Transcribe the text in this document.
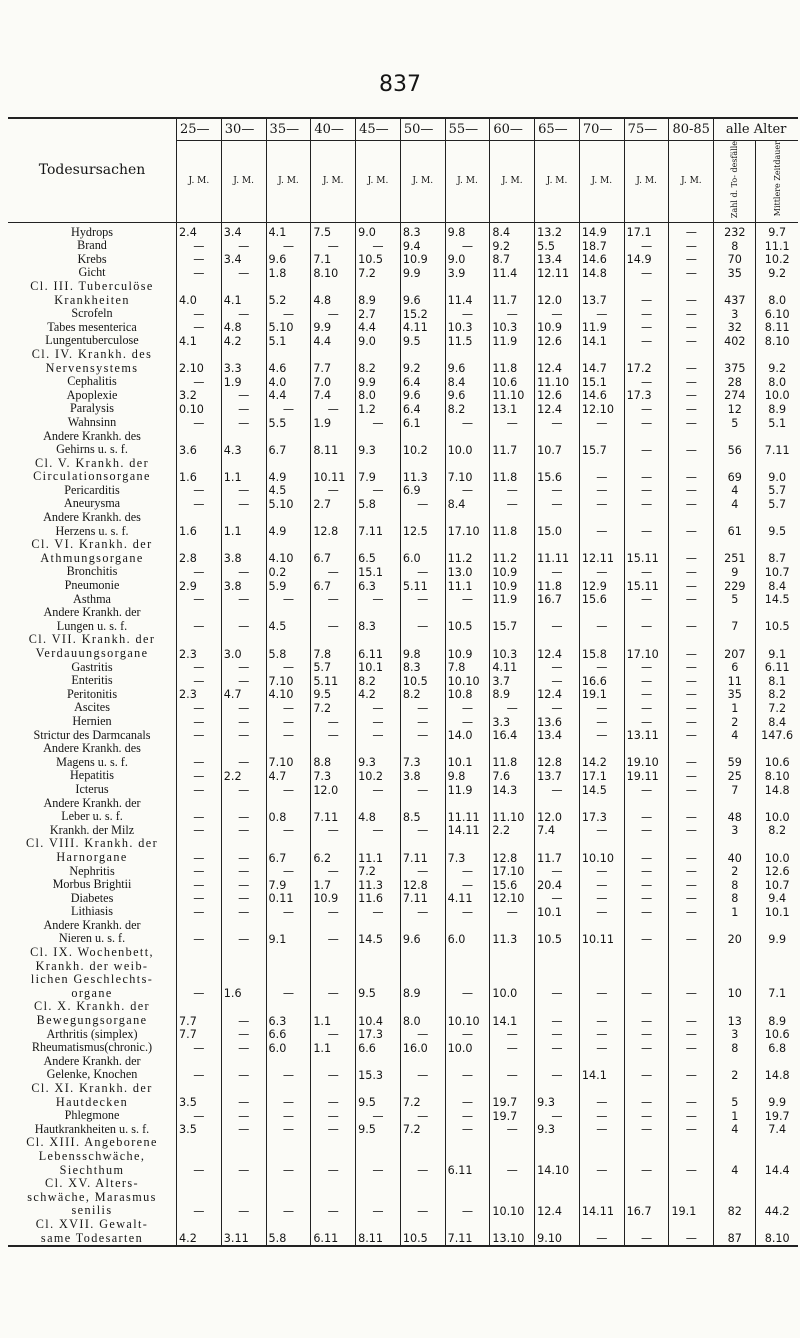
837
Todesursachen	25—	30—	35—	40—	45—	50—	55—	60—	65—	70—	75—	80-85	alle Alter	

	J. M.	J. M.	J. M.	J. M.	J. M.	J. M.	J. M.	J. M.	J. M.	J. M.	J. M.	J. M.	Zahl d. To- desfälle	Mittlere Zeitdauer

Hydrops	2.4	3.4	4.1	7.5	9.0	8.3	9.8	8.4	13.2	14.9	17.1	—	232	9.7

Brand	—	—	—	—	—	9.4	—	9.2	5.5	18.7	—	—	8	11.1

Krebs	—	3.4	9.6	7.1	10.5	10.9	9.0	8.7	13.4	14.6	14.9	—	70	10.2

Gicht	—	—	1.8	8.10	7.2	9.9	3.9	11.4	12.11	14.8	—	—	35	9.2

Cl. III. Tuberculöse
Krankheiten	4.0	4.1	5.2	4.8	8.9	9.6	11.4	11.7	12.0	13.7	—	—	437	8.0

Scrofeln	—	—	—	—	2.7	15.2	—	—	—	—	—	—	3	6.10

Tabes mesenterica	—	4.8	5.10	9.9	4.4	4.11	10.3	10.3	10.9	11.9	—	—	32	8.11

Lungentuberculose	4.1	4.2	5.1	4.4	9.0	9.5	11.5	11.9	12.6	14.1	—	—	402	8.10

Cl. IV. Krankh. des
Nervensystems	2.10	3.3	4.6	7.7	8.2	9.2	9.6	11.8	12.4	14.7	17.2	—	375	9.2

Cephalitis	—	1.9	4.0	7.0	9.9	6.4	8.4	10.6	11.10	15.1	—	—	28	8.0

Apoplexie	3.2	—	4.4	7.4	8.0	9.6	9.6	11.10	12.6	14.6	17.3	—	274	10.0

Paralysis	0.10	—	—	—	1.2	6.4	8.2	13.1	12.4	12.10	—	—	12	8.9

Wahnsinn	—	—	5.5	1.9	—	6.1	—	—	—	—	—	—	5	5.1

Andere Krankh. des
Gehirns u. s. f.	3.6	4.3	6.7	8.11	9.3	10.2	10.0	11.7	10.7	15.7	—	—	56	7.11

Cl. V. Krankh. der
Circulationsorgane	1.6	1.1	4.9	10.11	7.9	11.3	7.10	11.8	15.6	—	—	—	69	9.0

Pericarditis	—	—	4.5	—	—	6.9	—	—	—	—	—	—	4	5.7

Aneurysma	—	—	5.10	2.7	5.8	—	8.4	—	—	—	—	—	4	5.7

Andere Krankh. des
Herzens u. s. f.	1.6	1.1	4.9	12.8	7.11	12.5	17.10	11.8	15.0	—	—	—	61	9.5

Cl. VI. Krankh. der
Athmungsorgane	2.8	3.8	4.10	6.7	6.5	6.0	11.2	11.2	11.11	12.11	15.11	—	251	8.7

Bronchitis	—	—	0.2	—	15.1	—	13.0	10.9	—	—	—	—	9	10.7

Pneumonie	2.9	3.8	5.9	6.7	6.3	5.11	11.1	10.9	11.8	12.9	15.11	—	229	8.4

Asthma	—	—	—	—	—	—	—	11.9	16.7	15.6	—	—	5	14.5

Andere Krankh. der
Lungen u. s. f.	—	—	4.5	—	8.3	—	10.5	15.7	—	—	—	—	7	10.5

Cl. VII. Krankh. der
Verdauungsorgane	2.3	3.0	5.8	7.8	6.11	9.8	10.9	10.3	12.4	15.8	17.10	—	207	9.1

Gastritis	—	—	—	5.7	10.1	8.3	7.8	4.11	—	—	—	—	6	6.11

Enteritis	—	—	7.10	5.11	8.2	10.5	10.10	3.7	—	16.6	—	—	11	8.1

Peritonitis	2.3	4.7	4.10	9.5	4.2	8.2	10.8	8.9	12.4	19.1	—	—	35	8.2

Ascites	—	—	—	7.2	—	—	—	—	—	—	—	—	1	7.2

Hernien	—	—	—	—	—	—	—	3.3	13.6	—	—	—	2	8.4

Strictur des Darmcanals	—	—	—	—	—	—	14.0	16.4	13.4	—	13.11	—	4	147.6

Andere Krankh. des
Magens u. s. f.	—	—	7.10	8.8	9.3	7.3	10.1	11.8	12.8	14.2	19.10	—	59	10.6

Hepatitis	—	2.2	4.7	7.3	10.2	3.8	9.8	7.6	13.7	17.1	19.11	—	25	8.10

Icterus	—	—	—	12.0	—	—	11.9	14.3	—	14.5	—	—	7	14.8

Andere Krankh. der
Leber u. s. f.	—	—	0.8	7.11	4.8	8.5	11.11	11.10	12.0	17.3	—	—	48	10.0

Krankh. der Milz	—	—	—	—	—	—	14.11	2.2	7.4	—	—	—	3	8.2

Cl. VIII. Krankh. der
Harnorgane	—	—	6.7	6.2	11.1	7.11	7.3	12.8	11.7	10.10	—	—	40	10.0

Nephritis	—	—	—	—	7.2	—	—	17.10	—	—	—	—	2	12.6

Morbus Brightii	—	—	7.9	1.7	11.3	12.8	—	15.6	20.4	—	—	—	8	10.7

Diabetes	—	—	0.11	10.9	11.6	7.11	4.11	12.10	—	—	—	—	8	9.4

Lithiasis	—	—	—	—	—	—	—	—	10.1	—	—	—	1	10.1

Andere Krankh. der
Nieren u. s. f.	—	—	9.1	—	14.5	9.6	6.0	11.3	10.5	10.11	—	—	20	9.9

Cl. IX. Wochenbett,
Krankh. der weib-
lichen Geschlechts-
organe	—	1.6	—	—	9.5	8.9	—	10.0	—	—	—	—	10	7.1

Cl. X. Krankh. der
Bewegungsorgane	7.7	—	6.3	1.1	10.4	8.0	10.10	14.1	—	—	—	—	13	8.9

Arthritis (simplex)	7.7	—	6.6	—	17.3	—	—	—	—	—	—	—	3	10.6

Rheumatismus(chronic.)	—	—	6.0	1.1	6.6	16.0	10.0	—	—	—	—	—	8	6.8

Andere Krankh. der
Gelenke, Knochen	—	—	—	—	15.3	—	—	—	—	14.1	—	—	2	14.8

Cl. XI. Krankh. der
Hautdecken	3.5	—	—	—	9.5	7.2	—	19.7	9.3	—	—	—	5	9.9

Phlegmone	—	—	—	—	—	—	—	19.7	—	—	—	—	1	19.7

Hautkrankheiten u. s. f.	3.5	—	—	—	9.5	7.2	—	—	9.3	—	—	—	4	7.4

Cl. XIII. Angeborene
Lebensschwäche,
Siechthum	—	—	—	—	—	—	6.11	—	14.10	—	—	—	4	14.4

Cl. XV. Alters-
schwäche, Marasmus
senilis	—	—	—	—	—	—	—	10.10	12.4	14.11	16.7	19.1	82	44.2

Cl. XVII. Gewalt-
same Todesarten	4.2	3.11	5.8	6.11	8.11	10.5	7.11	13.10	9.10	—	—	—	87	8.10
